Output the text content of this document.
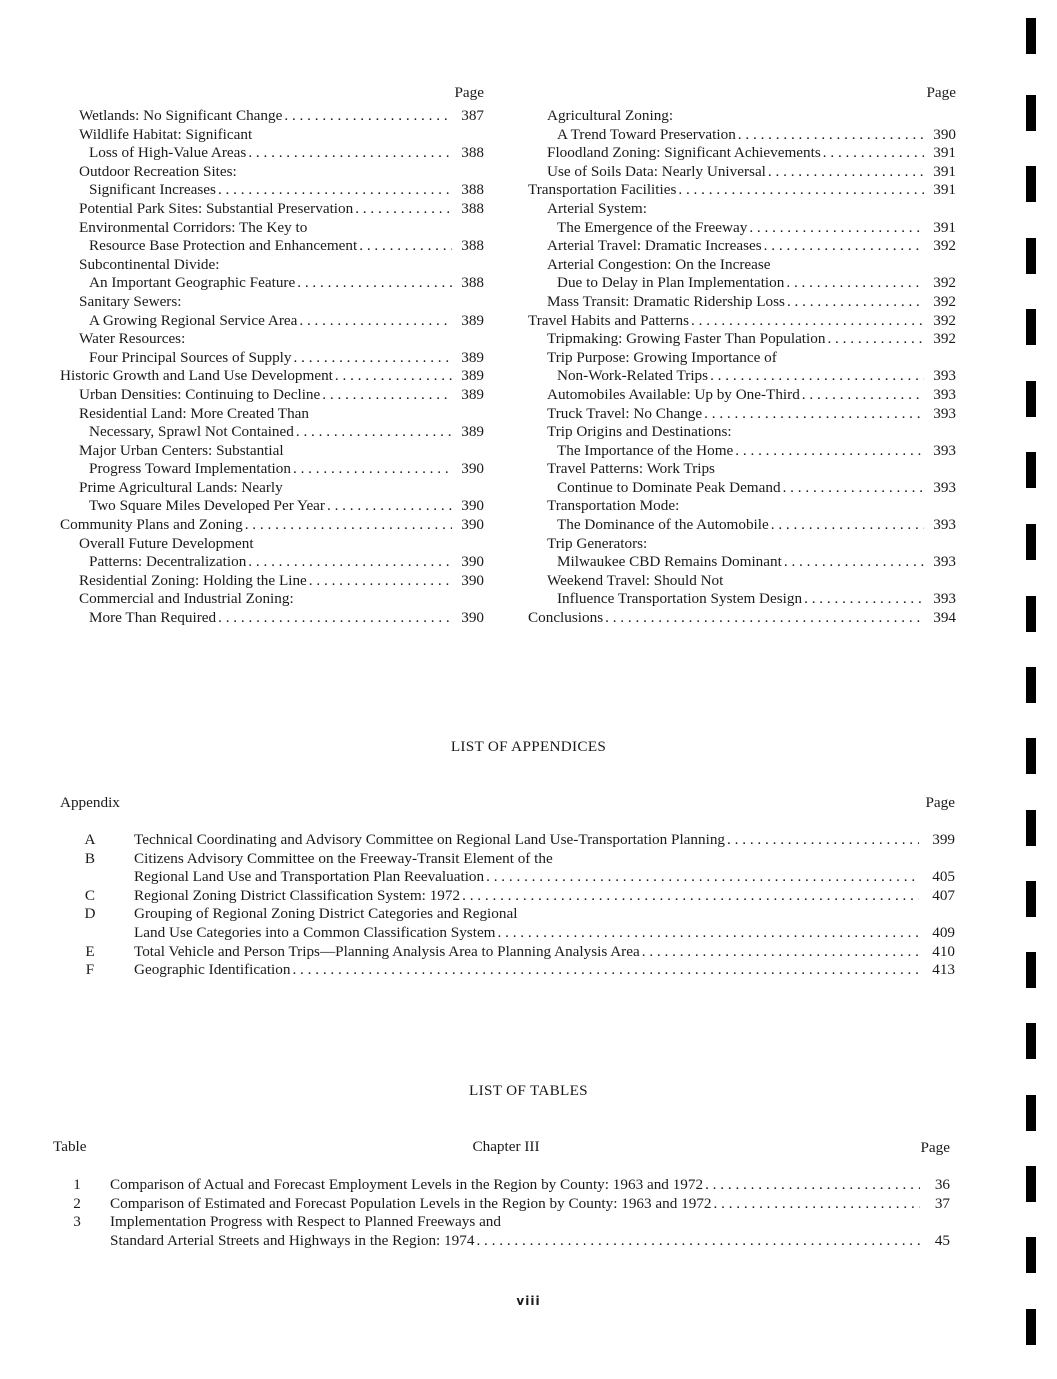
Page
Wetlands: No Significant Change . . .	387
Wildlife Habitat: Significant
Loss of High-Value Areas . . .	388
Outdoor Recreation Sites:
Significant Increases . . .	388
Potential Park Sites: Substantial Preservation . . .	388
Environmental Corridors: The Key to
Resource Base Protection and Enhancement . . .	388
Subcontinental Divide:
An Important Geographic Feature . . .	388
Sanitary Sewers:
A Growing Regional Service Area . . .	389
Water Resources:
Four Principal Sources of Supply . . .	389
Historic Growth and Land Use Development . . .	389
Urban Densities: Continuing to Decline . . .	389
Residential Land: More Created Than
Necessary, Sprawl Not Contained . . .	389
Major Urban Centers: Substantial
Progress Toward Implementation . . .	390
Prime Agricultural Lands: Nearly
Two Square Miles Developed Per Year . . .	390
Community Plans and Zoning . . .	390
Overall Future Development
Patterns: Decentralization . . .	390
Residential Zoning: Holding the Line . . .	390
Commercial and Industrial Zoning:
More Than Required . . .	390
Page
Agricultural Zoning:
A Trend Toward Preservation . . .	390
Floodland Zoning: Significant Achievements . . .	391
Use of Soils Data: Nearly Universal . . .	391
Transportation Facilities . . .	391
Arterial System:
The Emergence of the Freeway . . .	391
Arterial Travel: Dramatic Increases . . .	392
Arterial Congestion: On the Increase
Due to Delay in Plan Implementation . . .	392
Mass Transit: Dramatic Ridership Loss . . .	392
Travel Habits and Patterns . . .	392
Tripmaking: Growing Faster Than Population . . .	392
Trip Purpose: Growing Importance of
Non-Work-Related Trips . . .	393
Automobiles Available: Up by One-Third . . .	393
Truck Travel: No Change . . .	393
Trip Origins and Destinations:
The Importance of the Home . . .	393
Travel Patterns: Work Trips
Continue to Dominate Peak Demand . . .	393
Transportation Mode:
The Dominance of the Automobile . . .	393
Trip Generators:
Milwaukee CBD Remains Dominant . . .	393
Weekend Travel: Should Not
Influence Transportation System Design . . .	393
Conclusions . . .	394
LIST OF APPENDICES
Appendix	Page
A	Technical Coordinating and Advisory Committee on Regional Land Use-Transportation Planning . . .	399
B	Citizens Advisory Committee on the Freeway-Transit Element of the
Regional Land Use and Transportation Plan Reevaluation . . .	405
C	Regional Zoning District Classification System: 1972 . . .	407
D	Grouping of Regional Zoning District Categories and Regional
Land Use Categories into a Common Classification System . . .	409
E	Total Vehicle and Person Trips—Planning Analysis Area to Planning Analysis Area . . .	410
F	Geographic Identification . . .	413
LIST OF TABLES
Table	Chapter III	Page
1	Comparison of Actual and Forecast Employment Levels in the Region by County: 1963 and 1972 . . .	36
2	Comparison of Estimated and Forecast Population Levels in the Region by County: 1963 and 1972 . . .	37
3	Implementation Progress with Respect to Planned Freeways and
Standard Arterial Streets and Highways in the Region: 1974 . . .	45
viii
